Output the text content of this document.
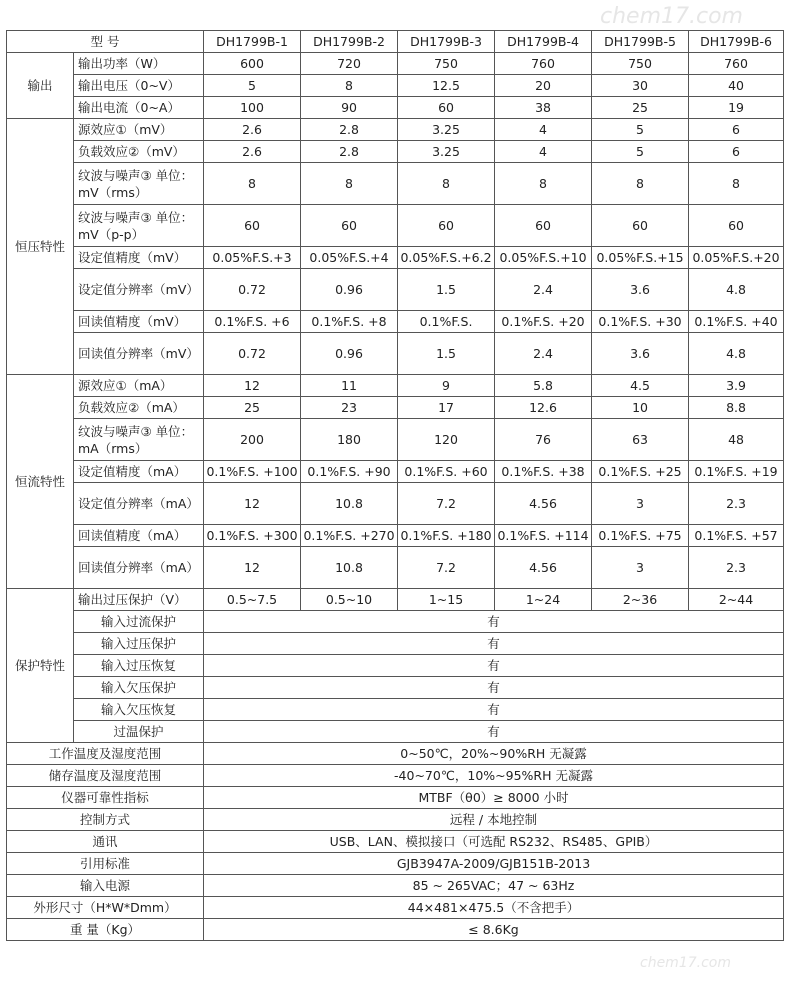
chem17.com
chem17.com
型 号		DH1799B-1	DH1799B-2	DH1799B-3	DH1799B-4	DH1799B-5	DH1799B-6
输出	输出功率（W）	600	720	750	760	750	760
	输出电压（0~V）	5	8	12.5	20	30	40
	输出电流（0~A）	100	90	60	38	25	19
恒压特性	源效应①（mV）	2.6	2.8	3.25	4	5	6
	负载效应②（mV）	2.6	2.8	3.25	4	5	6
	纹波与噪声③ 单位：mV（rms）	8	8	8	8	8	8
	纹波与噪声③ 单位：mV（p-p）	60	60	60	60	60	60
	设定值精度（mV）	0.05%F.S.+3	0.05%F.S.+4	0.05%F.S.+6.2	0.05%F.S.+10	0.05%F.S.+15	0.05%F.S.+20
	设定值分辨率（mV）	0.72	0.96	1.5	2.4	3.6	4.8
	回读值精度（mV）	0.1%F.S. +6	0.1%F.S. +8	0.1%F.S.	0.1%F.S. +20	0.1%F.S. +30	0.1%F.S. +40
	回读值分辨率（mV）	0.72	0.96	1.5	2.4	3.6	4.8
恒流特性	源效应①（mA）	12	11	9	5.8	4.5	3.9
	负载效应②（mA）	25	23	17	12.6	10	8.8
	纹波与噪声③ 单位：mA（rms）	200	180	120	76	63	48
	设定值精度（mA）	0.1%F.S. +100	0.1%F.S. +90	0.1%F.S. +60	0.1%F.S. +38	0.1%F.S. +25	0.1%F.S. +19
	设定值分辨率（mA）	12	10.8	7.2	4.56	3	2.3
	回读值精度（mA）	0.1%F.S. +300	0.1%F.S. +270	0.1%F.S. +180	0.1%F.S. +114	0.1%F.S. +75	0.1%F.S. +57
	回读值分辨率（mA）	12	10.8	7.2	4.56	3	2.3
保护特性	输出过压保护（V）	0.5~7.5	0.5~10	1~15	1~24	2~36	2~44
	输入过流保护	有					
	输入过压保护	有					
	输入过压恢复	有					
	输入欠压保护	有					
	输入欠压恢复	有					
	过温保护	有					
工作温度及湿度范围		0~50℃，20%~90%RH 无凝露					
储存温度及湿度范围		-40~70℃，10%~95%RH 无凝露					
仪器可靠性指标		MTBF（θ0）≥ 8000 小时					
控制方式		远程 / 本地控制					
通讯		USB、LAN、模拟接口（可选配 RS232、RS485、GPIB）					
引用标准		GJB3947A-2009/GJB151B-2013					
输入电源		85 ~ 265VAC；47 ~ 63Hz					
外形尺寸（H*W*Dmm）		44×481×475.5（不含把手）					
重 量（Kg）		≤ 8.6Kg					
